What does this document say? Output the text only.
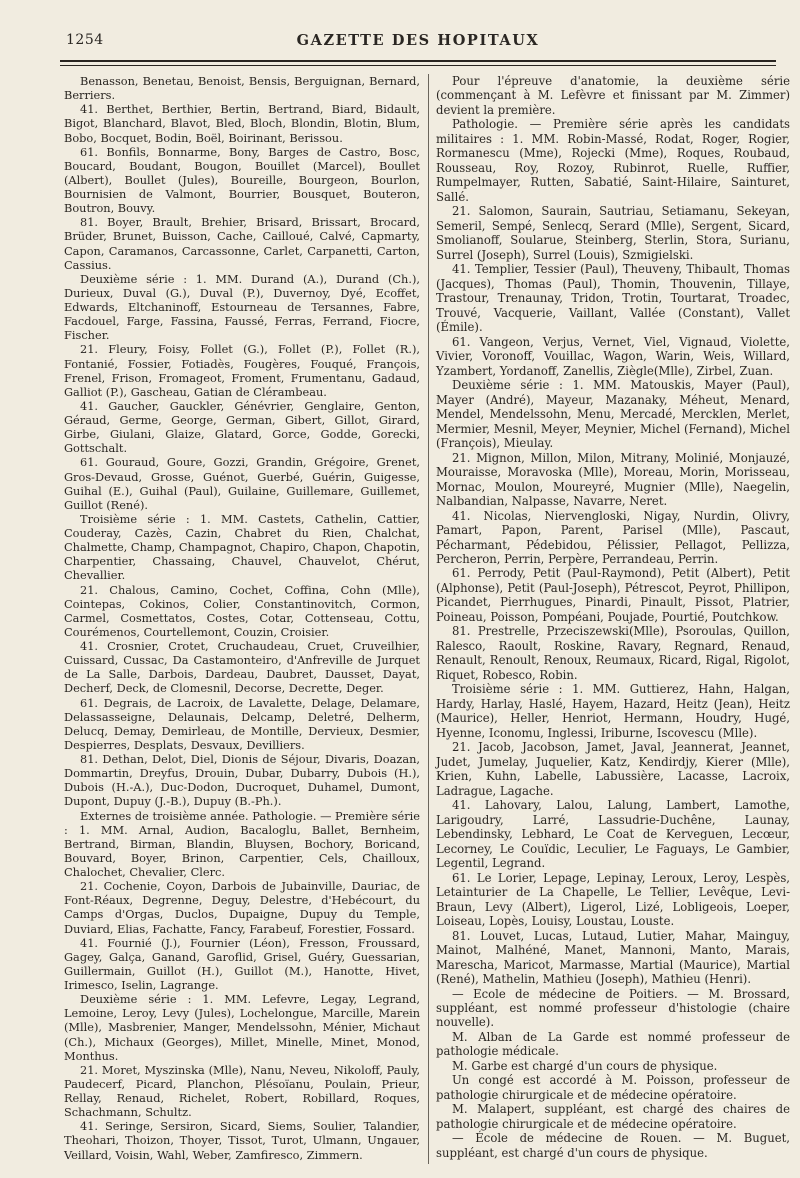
1254	GAZETTE DES HOPITAUX

Benasson, Benetau, Benoist, Bensis, Berguignan, Bernard, Berriers.

41. Berthet, Berthier, Bertin, Bertrand, Biard, Bidault, Bigot, Blanchard, Blavot, Bled, Bloch, Blondin, Blotin, Blum, Bobo, Bocquet, Bodin, Boël, Boirinant, Berissou.

61. Bonfils, Bonnarme, Bony, Barges de Castro, Bosc, Boucard, Boudant, Bougon, Bouillet (Marcel), Boullet (Albert), Boullet (Jules), Boureille, Bourgeon, Bourlon, Bournisien de Valmont, Bourrier, Bousquet, Bouteron, Boutron, Bouvy.

81. Boyer, Brault, Brehier, Brisard, Brissart, Brocard, Brüder, Brunet, Buisson, Cache, Cailloué, Calvé, Capmarty, Capon, Caramanos, Carcassonne, Carlet, Carpanetti, Carton, Cassius.

Deuxième série : 1. MM. Durand (A.), Durand (Ch.), Durieux, Duval (G.), Duval (P.), Duvernoy, Dyé, Ecoffet, Edwards, Eltchaninoff, Estourneau de Tersannes, Fabre, Facdouel, Farge, Fassina, Faussé, Ferras, Ferrand, Fiocre, Fischer.

21. Fleury, Foisy, Follet (G.), Follet (P.), Follet (R.), Fontanié, Fossier, Fotiadès, Fougères, Fouqué, François, Frenel, Frison, Fromageot, Froment, Frumentanu, Gadaud, Galliot (P.), Gascheau, Gatian de Clérambeau.

41. Gaucher, Gauckler, Génévrier, Genglaire, Genton, Géraud, Germe, George, German, Gibert, Gillot, Girard, Girbe, Giulani, Glaize, Glatard, Gorce, Godde, Gorecki, Gottschalt.

61. Gouraud, Goure, Gozzi, Grandin, Grégoire, Grenet, Gros-Devaud, Grosse, Guénot, Guerbé, Guérin, Guigesse, Guihal (E.), Guihal (Paul), Guilaine, Guillemare, Guillemet, Guillot (René).

Troisième série : 1. MM. Castets, Cathelin, Cattier, Couderay, Cazès, Cazin, Chabret du Rien, Chalchat, Chalmette, Champ, Champagnot, Chapiro, Chapon, Chapotin, Charpentier, Chassaing, Chauvel, Chauvelot, Chérut, Chevallier.

21. Chalous, Camino, Cochet, Coffina, Cohn (Mlle), Cointepas, Cokinos, Colier, Constantinovitch, Cormon, Carmel, Cosmettatos, Costes, Cotar, Cottenseau, Cottu, Courémenos, Courtellemont, Couzin, Croisier.

41. Crosnier, Crotet, Cruchaudeau, Cruet, Cruveilhier, Cuissard, Cussac, Da Castamonteiro, d'Anfreville de Jurquet de La Salle, Darbois, Dardeau, Daubret, Dausset, Dayat, Decherf, Deck, de Clomesnil, Decorse, Decrette, Deger.

61. Degrais, de Lacroix, de Lavalette, Delage, Delamare, Delassasseigne, Delaunais, Delcamp, Deletré, Delherm, Delucq, Demay, Demirleau, de Montille, Dervieux, Desmier, Despierres, Desplats, Desvaux, Devilliers.

81. Dethan, Delot, Diel, Dionis de Séjour, Divaris, Doazan, Dommartin, Dreyfus, Drouin, Dubar, Dubarry, Dubois (H.), Dubois (H.-A.), Duc-Dodon, Ducroquet, Duhamel, Dumont, Dupont, Dupuy (J.-B.), Dupuy (B.-Ph.).

Externes de troisième année. Pathologie. — Première série : 1. MM. Arnal, Audion, Bacaloglu, Ballet, Bernheim, Bertrand, Birman, Blandin, Bluysen, Bochory, Boricand, Bouvard, Boyer, Brinon, Carpentier, Cels, Chailloux, Chalochet, Chevalier, Clerc.

21. Cochenie, Coyon, Darbois de Jubainville, Dauriac, de Font-Réaux, Degrenne, Deguy, Delestre, d'Hebécourt, du Camps d'Orgas, Duclos, Dupaigne, Dupuy du Temple, Duviard, Elias, Fachatte, Fancy, Farabeuf, Forestier, Fossard.

41. Fournié (J.), Fournier (Léon), Fresson, Froussard, Gagey, Galça, Ganand, Garoflid, Grisel, Guéry, Guessarian, Guillermain, Guillot (H.), Guillot (M.), Hanotte, Hivet, Irimesco, Iselin, Lagrange.

Deuxième série : 1. MM. Lefevre, Legay, Legrand, Lemoine, Leroy, Levy (Jules), Lochelongue, Marcille, Marein (Mlle), Masbrenier, Manger, Mendelssohn, Ménier, Michaut (Ch.), Michaux (Georges), Millet, Minelle, Minet, Monod, Monthus.

21. Moret, Myszinska (Mlle), Nanu, Neveu, Nikoloff, Pauly, Paudecerf, Picard, Planchon, Plésoïanu, Poulain, Prieur, Rellay, Renaud, Richelet, Robert, Robillard, Roques, Schachmann, Schultz.

41. Seringe, Sersiron, Sicard, Siems, Soulier, Talandier, Theohari, Thoizon, Thoyer, Tissot, Turot, Ulmann, Ungauer, Veillard, Voisin, Wahl, Weber, Zamfiresco, Zimmern.

Pour l'épreuve d'anatomie, la deuxième série (commençant à M. Lefèvre et finissant par M. Zimmer) devient la première.

Pathologie. — Première série après les candidats militaires : 1. MM. Robin-Massé, Rodat, Roger, Rogier, Rormanescu (Mme), Rojecki (Mme), Roques, Roubaud, Rousseau, Roy, Rozoy, Rubinrot, Ruelle, Ruffier, Rumpelmayer, Rutten, Sabatié, Saint-Hilaire, Sainturet, Sallé.

21. Salomon, Saurain, Sautriau, Setiamanu, Sekeyan, Semeril, Sempé, Senlecq, Serard (Mlle), Sergent, Sicard, Smolianoff, Soularue, Steinberg, Sterlin, Stora, Surianu, Surrel (Joseph), Surrel (Louis), Szmigielski.

41. Templier, Tessier (Paul), Theuveny, Thibault, Thomas (Jacques), Thomas (Paul), Thomin, Thouvenin, Tillaye, Trastour, Trenaunay, Tridon, Trotin, Tourtarat, Troadec, Trouvé, Vacquerie, Vaillant, Vallée (Constant), Vallet (Émile).

61. Vangeon, Verjus, Vernet, Viel, Vignaud, Violette, Vivier, Voronoff, Vouillac, Wagon, Warin, Weis, Willard, Yzambert, Yordanoff, Zanellis, Ziègle(Mlle), Zirbel, Zuan.

Deuxième série : 1. MM. Matouskis, Mayer (Paul), Mayer (André), Mayeur, Mazanaky, Méheut, Menard, Mendel, Mendelssohn, Menu, Mercadé, Mercklen, Merlet, Mermier, Mesnil, Meyer, Meynier, Michel (Fernand), Michel (François), Mieulay.

21. Mignon, Millon, Milon, Mitrany, Molinié, Monjauzé, Mouraisse, Moravoska (Mlle), Moreau, Morin, Morisseau, Mornac, Moulon, Moureyré, Mugnier (Mlle), Naegelin, Nalbandian, Nalpasse, Navarre, Neret.

41. Nicolas, Niervengloski, Nigay, Nurdin, Olivry, Pamart, Papon, Parent, Parisel (Mlle), Pascaut, Pécharmant, Pédebidou, Pélissier, Pellagot, Pellizza, Percheron, Perrin, Perpère, Perrandeau, Perrin.

61. Perrody, Petit (Paul-Raymond), Petit (Albert), Petit (Alphonse), Petit (Paul-Joseph), Pétrescot, Peyrot, Phillipon, Picandet, Pierrhugues, Pinardi, Pinault, Pissot, Platrier, Poineau, Poisson, Pompéani, Poujade, Pourtié, Poutchkow.

81. Prestrelle, Przeciszewski(Mlle), Psoroulas, Quillon, Ralesco, Raoult, Roskine, Ravary, Regnard, Renaud, Renault, Renoult, Renoux, Reumaux, Ricard, Rigal, Rigolot, Riquet, Robesco, Robin.

Troisième série : 1. MM. Guttierez, Hahn, Halgan, Hardy, Harlay, Haslé, Hayem, Hazard, Heitz (Jean), Heitz (Maurice), Heller, Henriot, Hermann, Houdry, Hugé, Hyenne, Iconomu, Inglessi, Iriburne, Iscovescu (Mlle).

21. Jacob, Jacobson, Jamet, Javal, Jeannerat, Jeannet, Judet, Jumelay, Juquelier, Katz, Kendirdjy, Kierer (Mlle), Krien, Kuhn, Labelle, Labussière, Lacasse, Lacroix, Ladrague, Lagache.

41. Lahovary, Lalou, Lalung, Lambert, Lamothe, Larigoudry, Larré, Lassudrie-Duchêne, Launay, Lebendinsky, Lebhard, Le Coat de Kerveguen, Lecœur, Lecorney, Le Couïdic, Leculier, Le Faguays, Le Gambier, Legentil, Legrand.

61. Le Lorier, Lepage, Lepinay, Leroux, Leroy, Lespès, Letainturier de La Chapelle, Le Tellier, Levêque, Levi-Braun, Levy (Albert), Ligerol, Lizé, Lobligeois, Loeper, Loiseau, Lopès, Louisy, Loustau, Louste.

81. Louvet, Lucas, Lutaud, Lutier, Mahar, Mainguy, Mainot, Malhéné, Manet, Mannoni, Manto, Marais, Marescha, Maricot, Marmasse, Martial (Maurice), Martial (René), Mathelin, Mathieu (Joseph), Mathieu (Henri).

— Ecole de médecine de Poitiers. — M. Brossard, suppléant, est nommé professeur d'histologie (chaire nouvelle).

M. Alban de La Garde est nommé professeur de pathologie médicale.

M. Garbe est chargé d'un cours de physique.

Un congé est accordé à M. Poisson, professeur de pathologie chirurgicale et de médecine opératoire.

M. Malapert, suppléant, est chargé des chaires de pathologie chirurgicale et de médecine opératoire.

— École de médecine de Rouen. — M. Buguet, suppléant, est chargé d'un cours de physique.
